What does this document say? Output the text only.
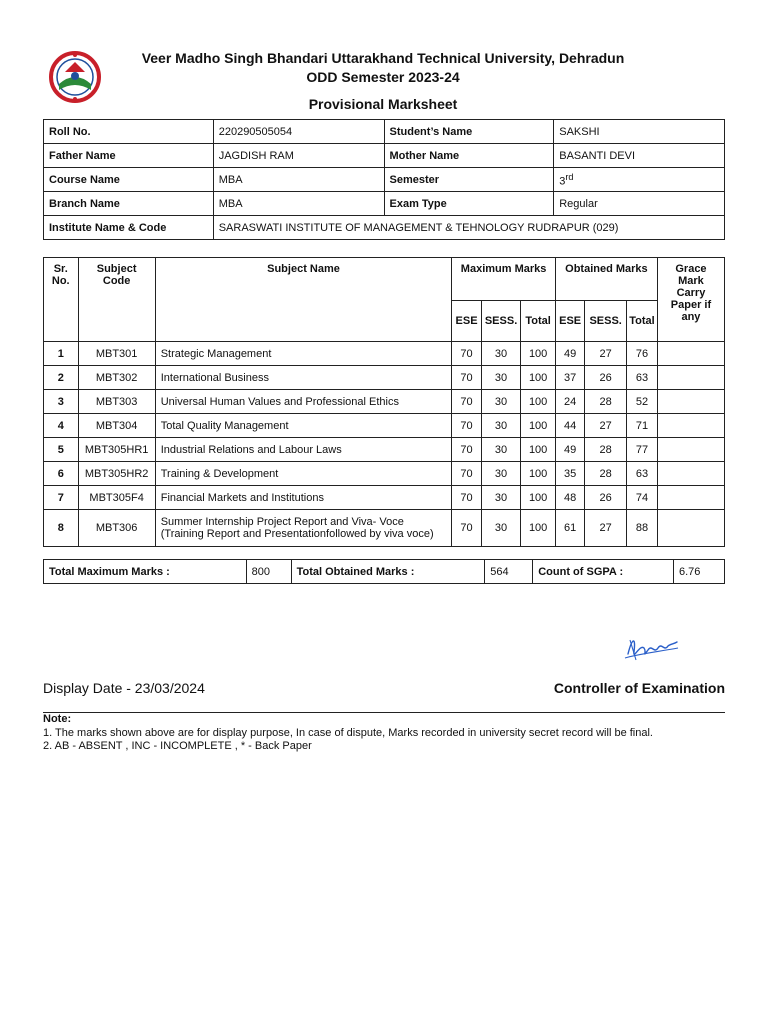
Veer Madho Singh Bhandari Uttarakhand Technical University, Dehradun
ODD Semester 2023-24
Provisional Marksheet
Roll No.	220290505054	Student’s Name	SAKSHI
Father Name	JAGDISH RAM	Mother Name	BASANTI DEVI
Course Name	MBA	Semester	3rd
Branch Name	MBA	Exam Type	Regular
Institute Name & Code	SARASWATI INSTITUTE OF MANAGEMENT & TEHNOLOGY RUDRAPUR (029)		
Sr. No.	Subject Code	Subject Name	Maximum Marks			Obtained Marks			Grace Mark Carry Paper if any
			ESE	SESS.	Total	ESE	SESS.	Total	
1	MBT301	Strategic Management	70	30	100	49	27	76	
2	MBT302	International Business	70	30	100	37	26	63	
3	MBT303	Universal Human Values and Professional Ethics	70	30	100	24	28	52	
4	MBT304	Total Quality Management	70	30	100	44	27	71	
5	MBT305HR1	Industrial Relations and Labour Laws	70	30	100	49	28	77	
6	MBT305HR2	Training & Development	70	30	100	35	28	63	
7	MBT305F4	Financial Markets and Institutions	70	30	100	48	26	74	
8	MBT306	Summer Internship Project Report and Viva- Voce (Training Report and Presentationfollowed by viva voce)	70	30	100	61	27	88	
Total Maximum Marks :	800	Total Obtained Marks :	564	Count of SGPA :	6.76
Display Date - 23/03/2024	Controller of Examination
Note:
1. The marks shown above are for display purpose, In case of dispute, Marks recorded in university secret record will be final.
2. AB - ABSENT , INC - INCOMPLETE , * - Back Paper
